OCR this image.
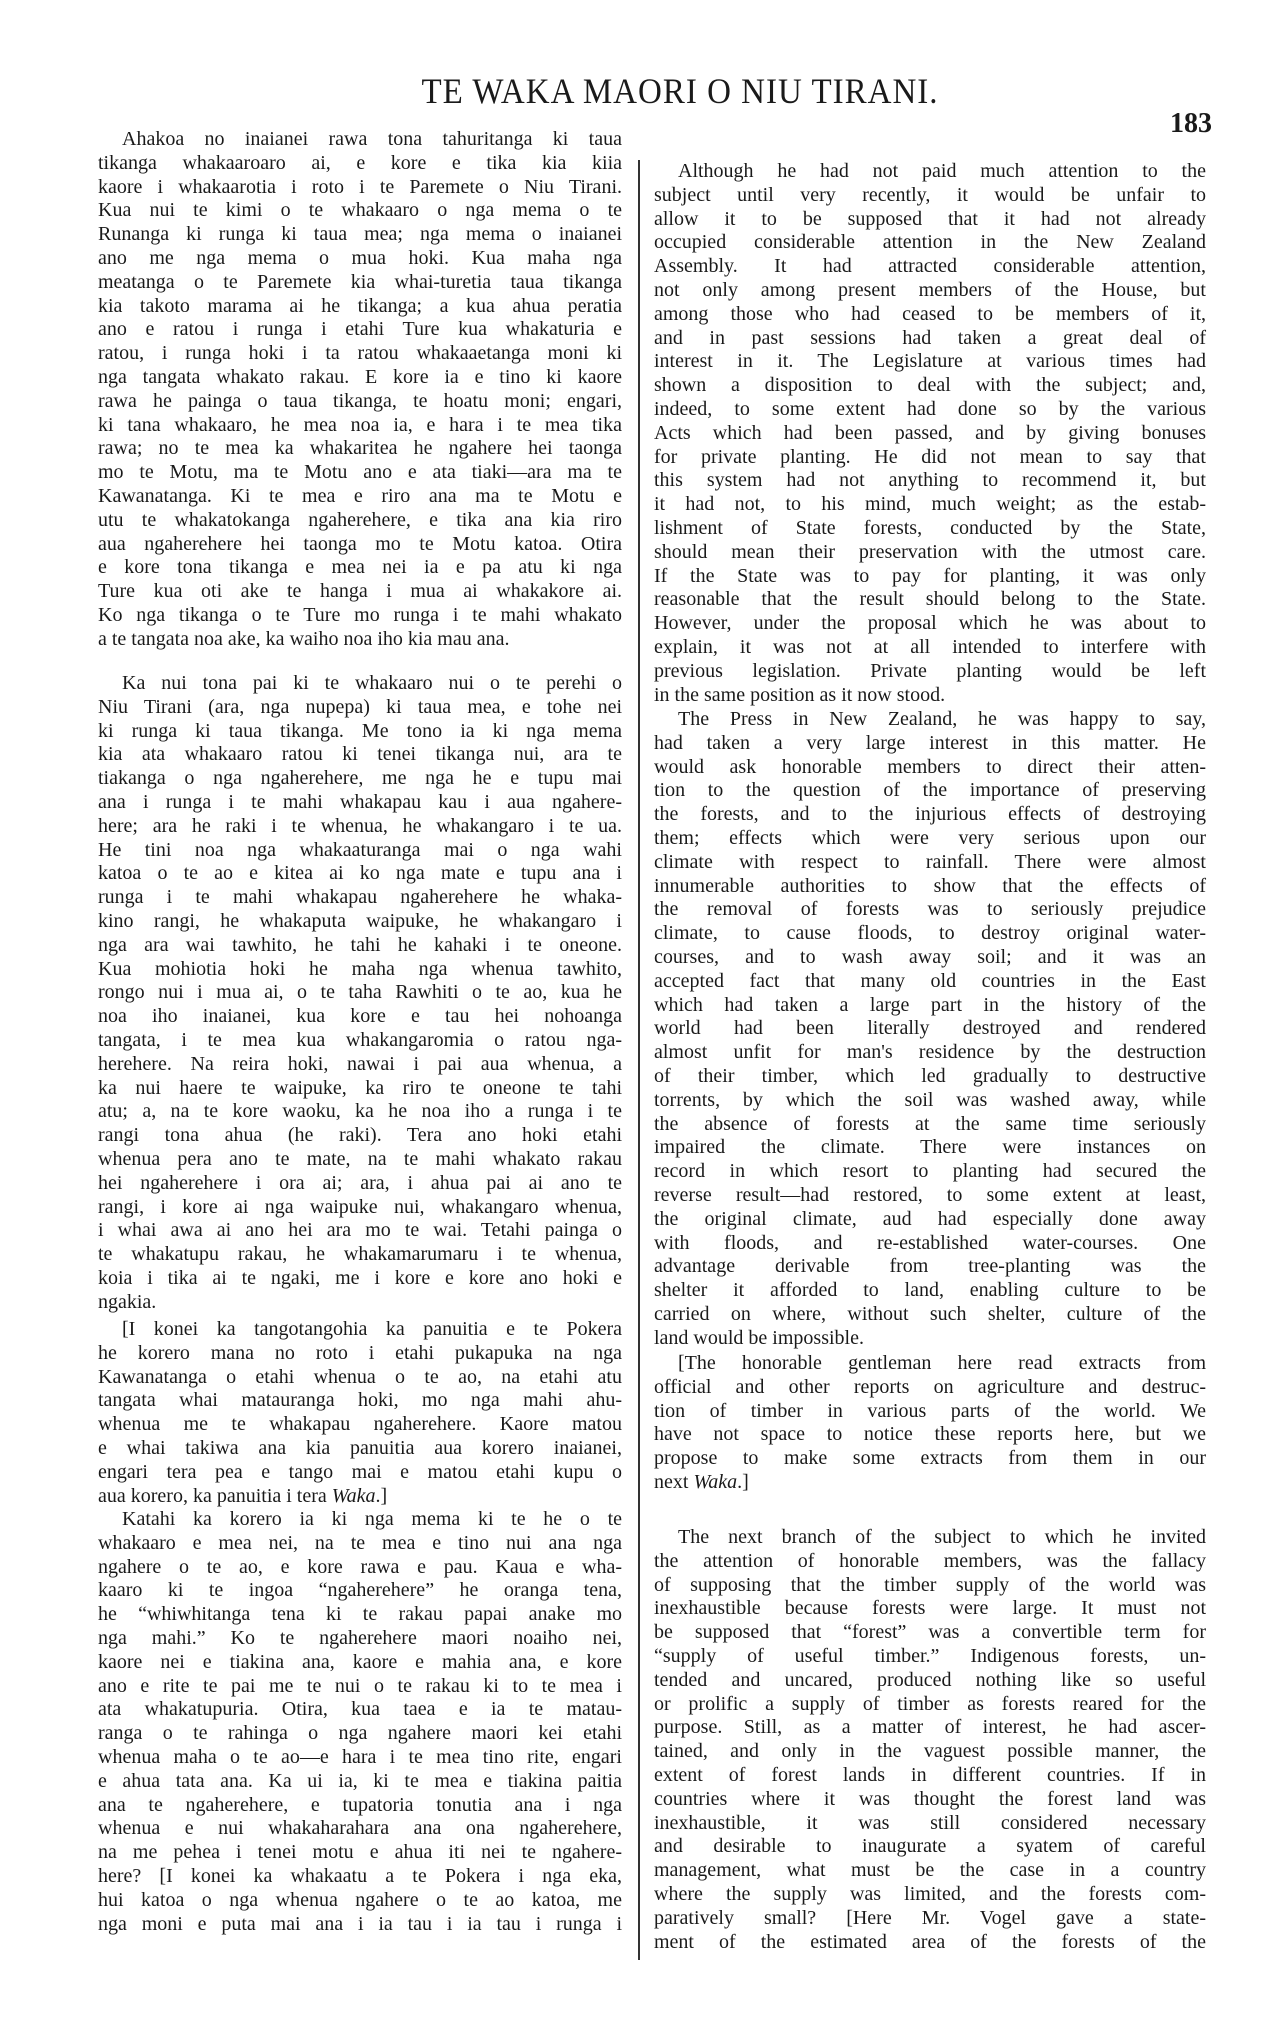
TE WAKA MAORI O NIU TIRANI.
183
Ahakoa no inaianei rawa tona tahuritanga ki taua
tikanga whakaaroaro ai, e kore e tika kia kiia
kaore i whakaarotia i roto i te Paremete o Niu Tirani.
Kua nui te kimi o te whakaaro o nga mema o te
Runanga ki runga ki taua mea; nga mema o inaianei
ano me nga mema o mua hoki. Kua maha nga
meatanga o te Paremete kia whai-turetia taua tikanga
kia takoto marama ai he tikanga; a kua ahua peratia
ano e ratou i runga i etahi Ture kua whakaturia e
ratou, i runga hoki i ta ratou whakaaetanga moni ki
nga tangata whakato rakau. E kore ia e tino ki kaore
rawa he painga o taua tikanga, te hoatu moni; engari,
ki tana whakaaro, he mea noa ia, e hara i te mea tika
rawa; no te mea ka whakaritea he ngahere hei taonga
mo te Motu, ma te Motu ano e ata tiaki—ara ma te
Kawanatanga. Ki te mea e riro ana ma te Motu e
utu te whakatokanga ngaherehere, e tika ana kia riro
aua ngaherehere hei taonga mo te Motu katoa. Otira
e kore tona tikanga e mea nei ia e pa atu ki nga
Ture kua oti ake te hanga i mua ai whakakore ai.
Ko nga tikanga o te Ture mo runga i te mahi whakato
a te tangata noa ake, ka waiho noa iho kia mau ana.
Ka nui tona pai ki te whakaaro nui o te perehi o
Niu Tirani (ara, nga nupepa) ki taua mea, e tohe nei
ki runga ki taua tikanga. Me tono ia ki nga mema
kia ata whakaaro ratou ki tenei tikanga nui, ara te
tiakanga o nga ngaherehere, me nga he e tupu mai
ana i runga i te mahi whakapau kau i aua ngahere-
here; ara he raki i te whenua, he whakangaro i te ua.
He tini noa nga whakaaturanga mai o nga wahi
katoa o te ao e kitea ai ko nga mate e tupu ana i
runga i te mahi whakapau ngaherehere he whaka-
kino rangi, he whakaputa waipuke, he whakangaro i
nga ara wai tawhito, he tahi he kahaki i te oneone.
Kua mohiotia hoki he maha nga whenua tawhito,
rongo nui i mua ai, o te taha Rawhiti o te ao, kua he
noa iho inaianei, kua kore e tau hei nohoanga
tangata, i te mea kua whakangaromia o ratou nga-
herehere. Na reira hoki, nawai i pai aua whenua, a
ka nui haere te waipuke, ka riro te oneone te tahi
atu; a, na te kore waoku, ka he noa iho a runga i te
rangi tona ahua (he raki). Tera ano hoki etahi
whenua pera ano te mate, na te mahi whakato rakau
hei ngaherehere i ora ai; ara, i ahua pai ai ano te
rangi, i kore ai nga waipuke nui, whakangaro whenua,
i whai awa ai ano hei ara mo te wai. Tetahi painga o
te whakatupu rakau, he whakamarumaru i te whenua,
koia i tika ai te ngaki, me i kore e kore ano hoki e
ngakia.
[I konei ka tangotangohia ka panuitia e te Pokera
he korero mana no roto i etahi pukapuka na nga
Kawanatanga o etahi whenua o te ao, na etahi atu
tangata whai matauranga hoki, mo nga mahi ahu-
whenua me te whakapau ngaherehere. Kaore matou
e whai takiwa ana kia panuitia aua korero inaianei,
engari tera pea e tango mai e matou etahi kupu o
aua korero, ka panuitia i tera Waka.]
Katahi ka korero ia ki nga mema ki te he o te
whakaaro e mea nei, na te mea e tino nui ana nga
ngahere o te ao, e kore rawa e pau. Kaua e wha-
kaaro ki te ingoa “ngaherehere” he oranga tena,
he “whiwhitanga tena ki te rakau papai anake mo
nga mahi.” Ko te ngaherehere maori noaiho nei,
kaore nei e tiakina ana, kaore e mahia ana, e kore
ano e rite te pai me te nui o te rakau ki to te mea i
ata whakatupuria. Otira, kua taea e ia te matau-
ranga o te rahinga o nga ngahere maori kei etahi
whenua maha o te ao—e hara i te mea tino rite, engari
e ahua tata ana. Ka ui ia, ki te mea e tiakina paitia
ana te ngaherehere, e tupatoria tonutia ana i nga
whenua e nui whakaharahara ana ona ngaherehere,
na me pehea i tenei motu e ahua iti nei te ngahere-
here? [I konei ka whakaatu a te Pokera i nga eka,
hui katoa o nga whenua ngahere o te ao katoa, me
nga moni e puta mai ana i ia tau i ia tau i runga i
Although he had not paid much attention to the
subject until very recently, it would be unfair to
allow it to be supposed that it had not already
occupied considerable attention in the New Zealand
Assembly. It had attracted considerable attention,
not only among present members of the House, but
among those who had ceased to be members of it,
and in past sessions had taken a great deal of
interest in it. The Legislature at various times had
shown a disposition to deal with the subject; and,
indeed, to some extent had done so by the various
Acts which had been passed, and by giving bonuses
for private planting. He did not mean to say that
this system had not anything to recommend it, but
it had not, to his mind, much weight; as the estab-
lishment of State forests, conducted by the State,
should mean their preservation with the utmost care.
If the State was to pay for planting, it was only
reasonable that the result should belong to the State.
However, under the proposal which he was about to
explain, it was not at all intended to interfere with
previous legislation. Private planting would be left
in the same position as it now stood.
The Press in New Zealand, he was happy to say,
had taken a very large interest in this matter. He
would ask honorable members to direct their atten-
tion to the question of the importance of preserving
the forests, and to the injurious effects of destroying
them; effects which were very serious upon our
climate with respect to rainfall. There were almost
innumerable authorities to show that the effects of
the removal of forests was to seriously prejudice
climate, to cause floods, to destroy original water-
courses, and to wash away soil; and it was an
accepted fact that many old countries in the East
which had taken a large part in the history of the
world had been literally destroyed and rendered
almost unfit for man's residence by the destruction
of their timber, which led gradually to destructive
torrents, by which the soil was washed away, while
the absence of forests at the same time seriously
impaired the climate. There were instances on
record in which resort to planting had secured the
reverse result—had restored, to some extent at least,
the original climate, aud had especially done away
with floods, and re-established water-courses. One
advantage derivable from tree-planting was the
shelter it afforded to land, enabling culture to be
carried on where, without such shelter, culture of the
land would be impossible.
[The honorable gentleman here read extracts from
official and other reports on agriculture and destruc-
tion of timber in various parts of the world. We
have not space to notice these reports here, but we
propose to make some extracts from them in our
next Waka.]
The next branch of the subject to which he invited
the attention of honorable members, was the fallacy
of supposing that the timber supply of the world was
inexhaustible because forests were large. It must not
be supposed that “forest” was a convertible term for
“supply of useful timber.” Indigenous forests, un-
tended and uncared, produced nothing like so useful
or prolific a supply of timber as forests reared for the
purpose. Still, as a matter of interest, he had ascer-
tained, and only in the vaguest possible manner, the
extent of forest lands in different countries. If in
countries where it was thought the forest land was
inexhaustible, it was still considered necessary
and desirable to inaugurate a syatem of careful
management, what must be the case in a country
where the supply was limited, and the forests com-
paratively small? [Here Mr. Vogel gave a state-
ment of the estimated area of the forests of the
